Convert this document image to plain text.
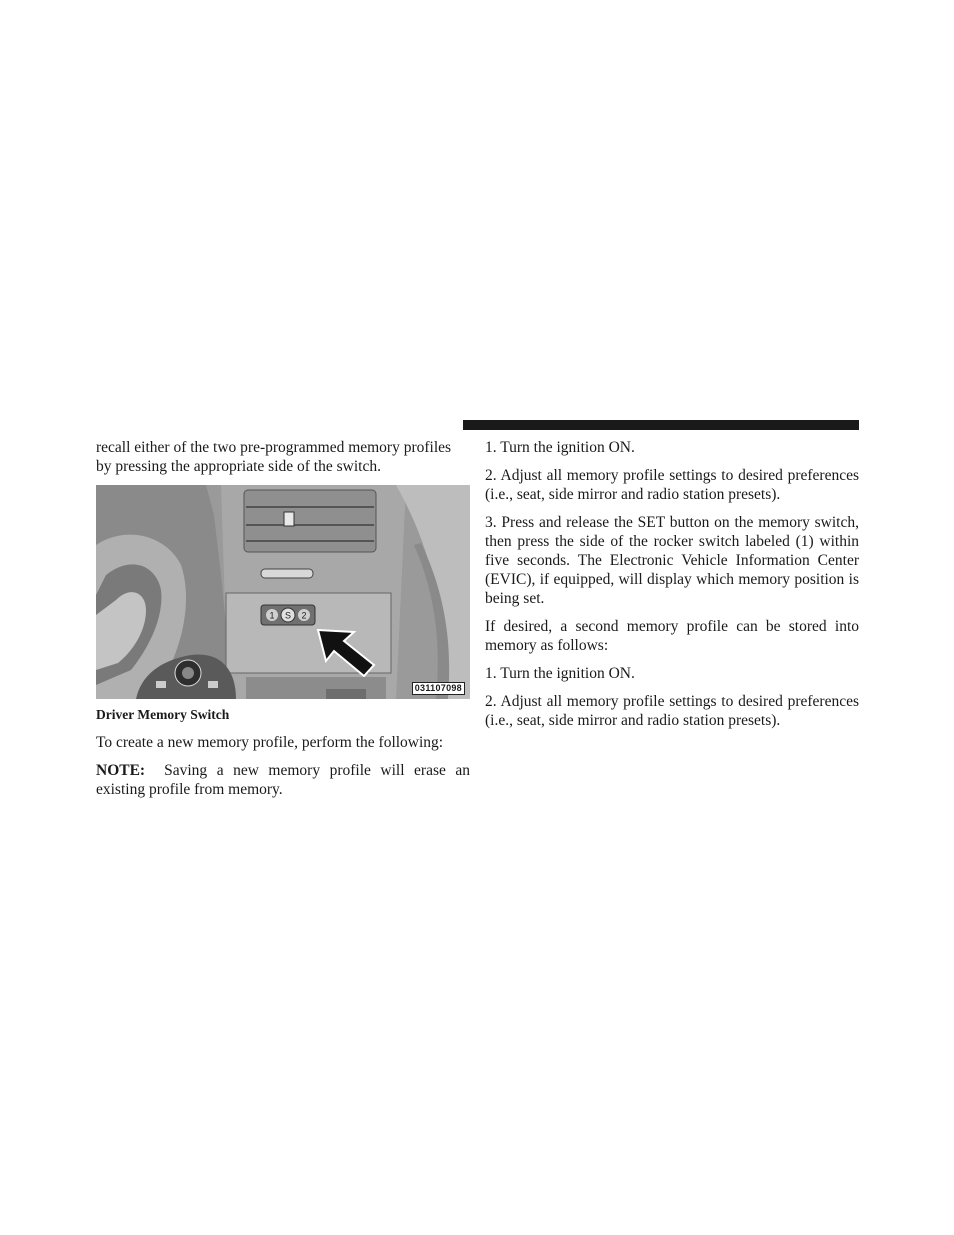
recall either of the two pre-programmed memory profiles by pressing the appropriate side of the switch.

1 S 2
031107098

Driver Memory Switch

To create a new memory profile, perform the following:

NOTE: Saving a new memory profile will erase an existing profile from memory.

1. Turn the ignition ON.

2. Adjust all memory profile settings to desired preferences (i.e., seat, side mirror and radio station presets).

3. Press and release the SET button on the memory switch, then press the side of the rocker switch labeled (1) within five seconds. The Electronic Vehicle Information Center (EVIC), if equipped, will display which memory position is being set.

If desired, a second memory profile can be stored into memory as follows:

1. Turn the ignition ON.

2. Adjust all memory profile settings to desired preferences (i.e., seat, side mirror and radio station presets).
